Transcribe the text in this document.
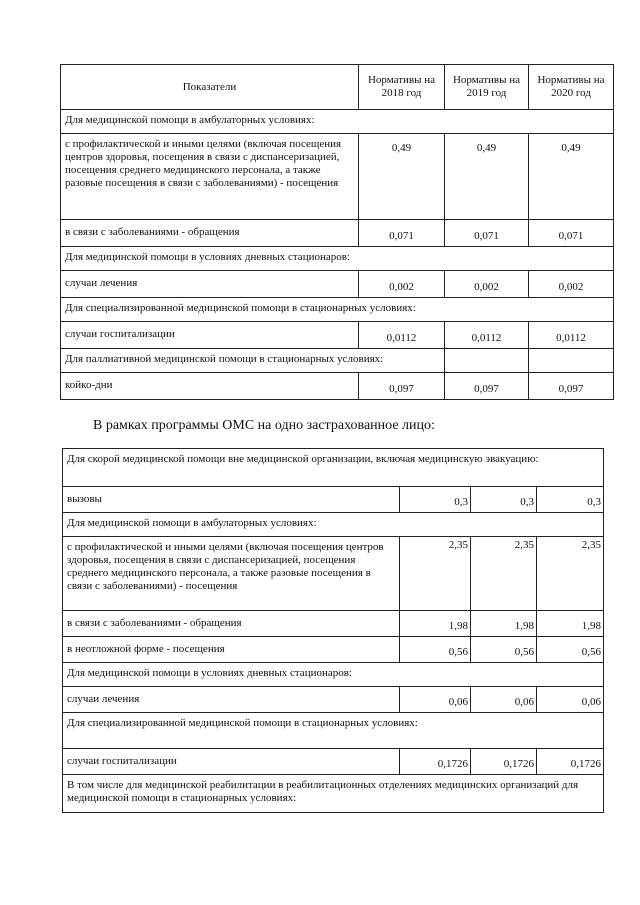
Показатели	Нормативы на 2018 год	Нормативы на 2019 год	Нормативы на 2020 год
Для медицинской помощи в амбулаторных условиях:			
с профилактической и иными целями (включая посещения центров здоровья, посещения в связи с диспансеризацией, посещения среднего медицинского персонала, а также разовые посещения в связи с заболеваниями) - посещения	0,49	0,49	0,49
в связи с заболеваниями - обращения	0,071	0,071	0,071
Для медицинской помощи в условиях дневных стационаров:			
случаи лечения	0,002	0,002	0,002
Для специализированной медицинской помощи в стационарных условиях:			
случаи госпитализации	0,0112	0,0112	0,0112
Для паллиативной медицинской помощи в стационарных условиях:			
койко-дни	0,097	0,097	0,097

В рамках программы ОМС на одно застрахованное лицо:

Для скорой медицинской помощи вне медицинской организации, включая медицинскую эвакуацию:			
вызовы	0,3	0,3	0,3
Для медицинской помощи в амбулаторных условиях:			
с профилактической и иными целями (включая посещения центров здоровья, посещения в связи с диспансеризацией, посещения среднего медицинского персонала, а также разовые посещения в связи с заболеваниями) - посещения	2,35	2,35	2,35
в связи с заболеваниями - обращения	1,98	1,98	1,98
в неотложной форме - посещения	0,56	0,56	0,56
Для медицинской помощи в условиях дневных стационаров:			
случаи лечения	0,06	0,06	0,06
Для специализированной медицинской помощи в стационарных условиях:			
случаи госпитализации	0,1726	0,1726	0,1726
В том числе для медицинской реабилитации в реабилитационных отделениях медицинских организаций для медицинской помощи в стационарных условиях:			
